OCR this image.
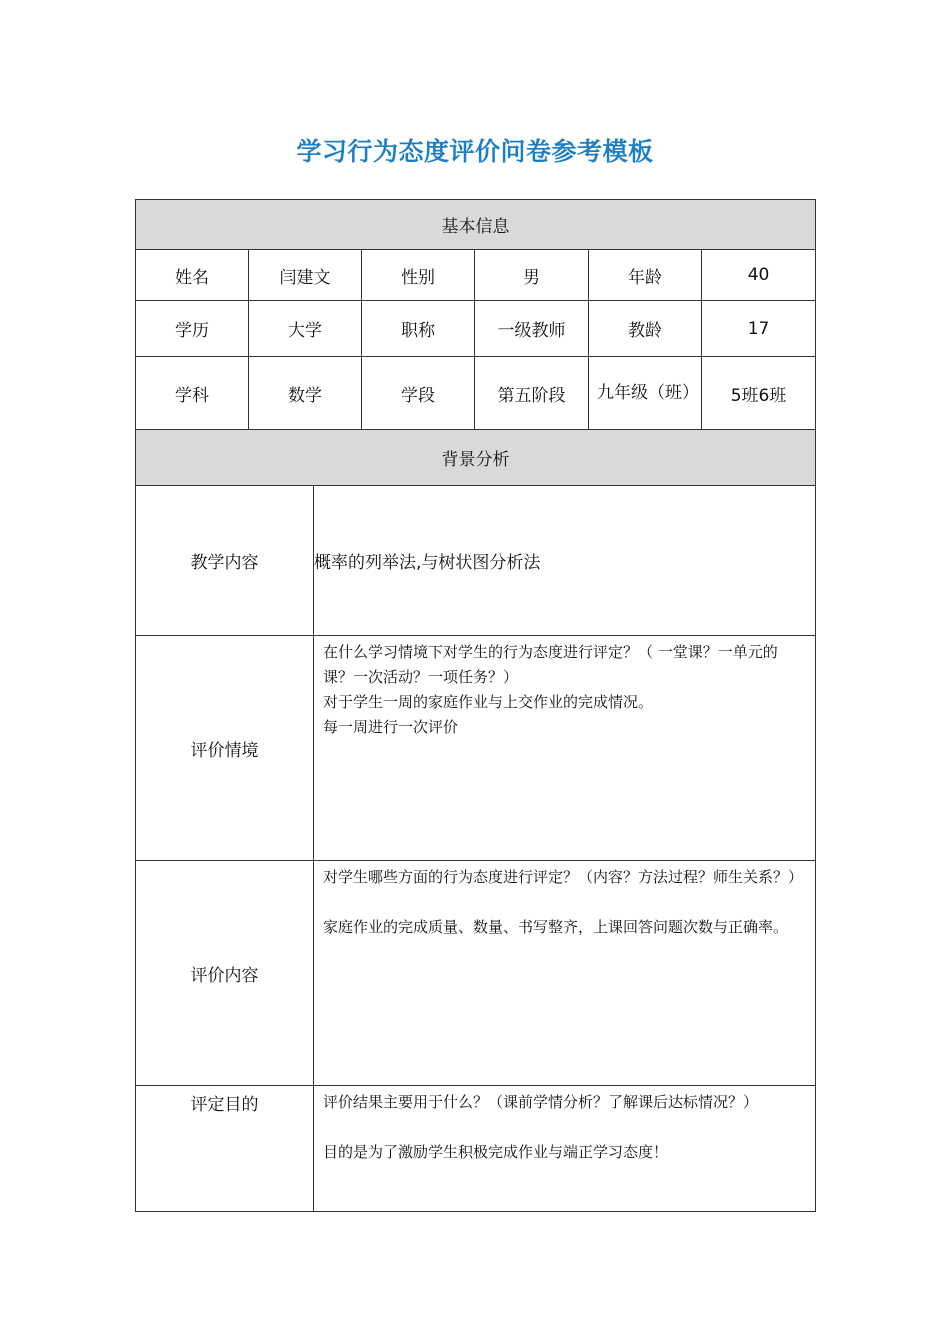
学习行为态度评价问卷参考模板
基本信息						
姓名	闫建文		性别	男	年龄	40
学历	大学		职称	一级教师	教龄	17
学科	数学		学段	第五阶段	九年级（班）	5班6班
背景分析						
教学内容		概率的列举法,与树状图分析法				
评价情境		在什么学习情境下对学生的行为态度进行评定？（ 一堂课？一单元的课？一次活动？一项任务？）
对于学生一周的家庭作业与上交作业的完成情况。
每一周进行一次评价				

评价内容		对学生哪些方面的行为态度进行评定？（内容？方法过程？师生关系？）
家庭作业的完成质量、数量、书写整齐，上课回答问题次数与正确率。				

评定目的		评价结果主要用于什么？（课前学情分析？了解课后达标情况？）
目的是为了激励学生积极完成作业与端正学习态度！				
